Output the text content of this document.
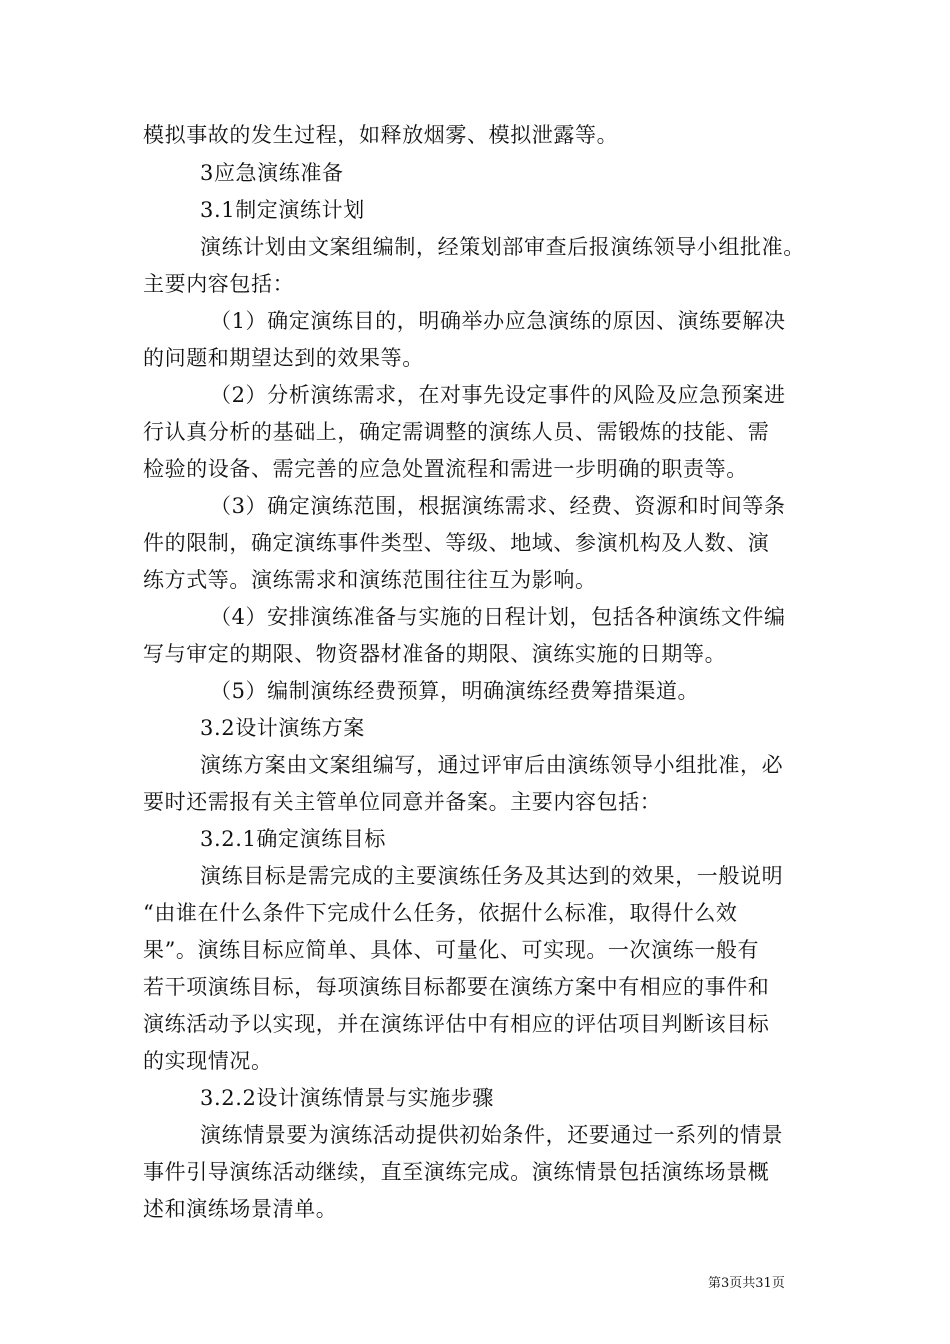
模拟事故的发生过程，如释放烟雾、模拟泄露等。
3应急演练准备
3.1制定演练计划
演练计划由文案组编制，经策划部审查后报演练领导小组批准。
主要内容包括：
（1）确定演练目的，明确举办应急演练的原因、演练要解决
的问题和期望达到的效果等。
（2）分析演练需求，在对事先设定事件的风险及应急预案进
行认真分析的基础上，确定需调整的演练人员、需锻炼的技能、需
检验的设备、需完善的应急处置流程和需进一步明确的职责等。
（3）确定演练范围，根据演练需求、经费、资源和时间等条
件的限制，确定演练事件类型、等级、地域、参演机构及人数、演
练方式等。演练需求和演练范围往往互为影响。
（4）安排演练准备与实施的日程计划，包括各种演练文件编
写与审定的期限、物资器材准备的期限、演练实施的日期等。
（5）编制演练经费预算，明确演练经费筹措渠道。
3.2设计演练方案
演练方案由文案组编写，通过评审后由演练领导小组批准，必
要时还需报有关主管单位同意并备案。主要内容包括：
3.2.1确定演练目标
演练目标是需完成的主要演练任务及其达到的效果，一般说明
“由谁在什么条件下完成什么任务，依据什么标准，取得什么效
果”。演练目标应简单、具体、可量化、可实现。一次演练一般有
若干项演练目标，每项演练目标都要在演练方案中有相应的事件和
演练活动予以实现，并在演练评估中有相应的评估项目判断该目标
的实现情况。
3.2.2设计演练情景与实施步骤
演练情景要为演练活动提供初始条件，还要通过一系列的情景
事件引导演练活动继续，直至演练完成。演练情景包括演练场景概
述和演练场景清单。
第3页共31页
